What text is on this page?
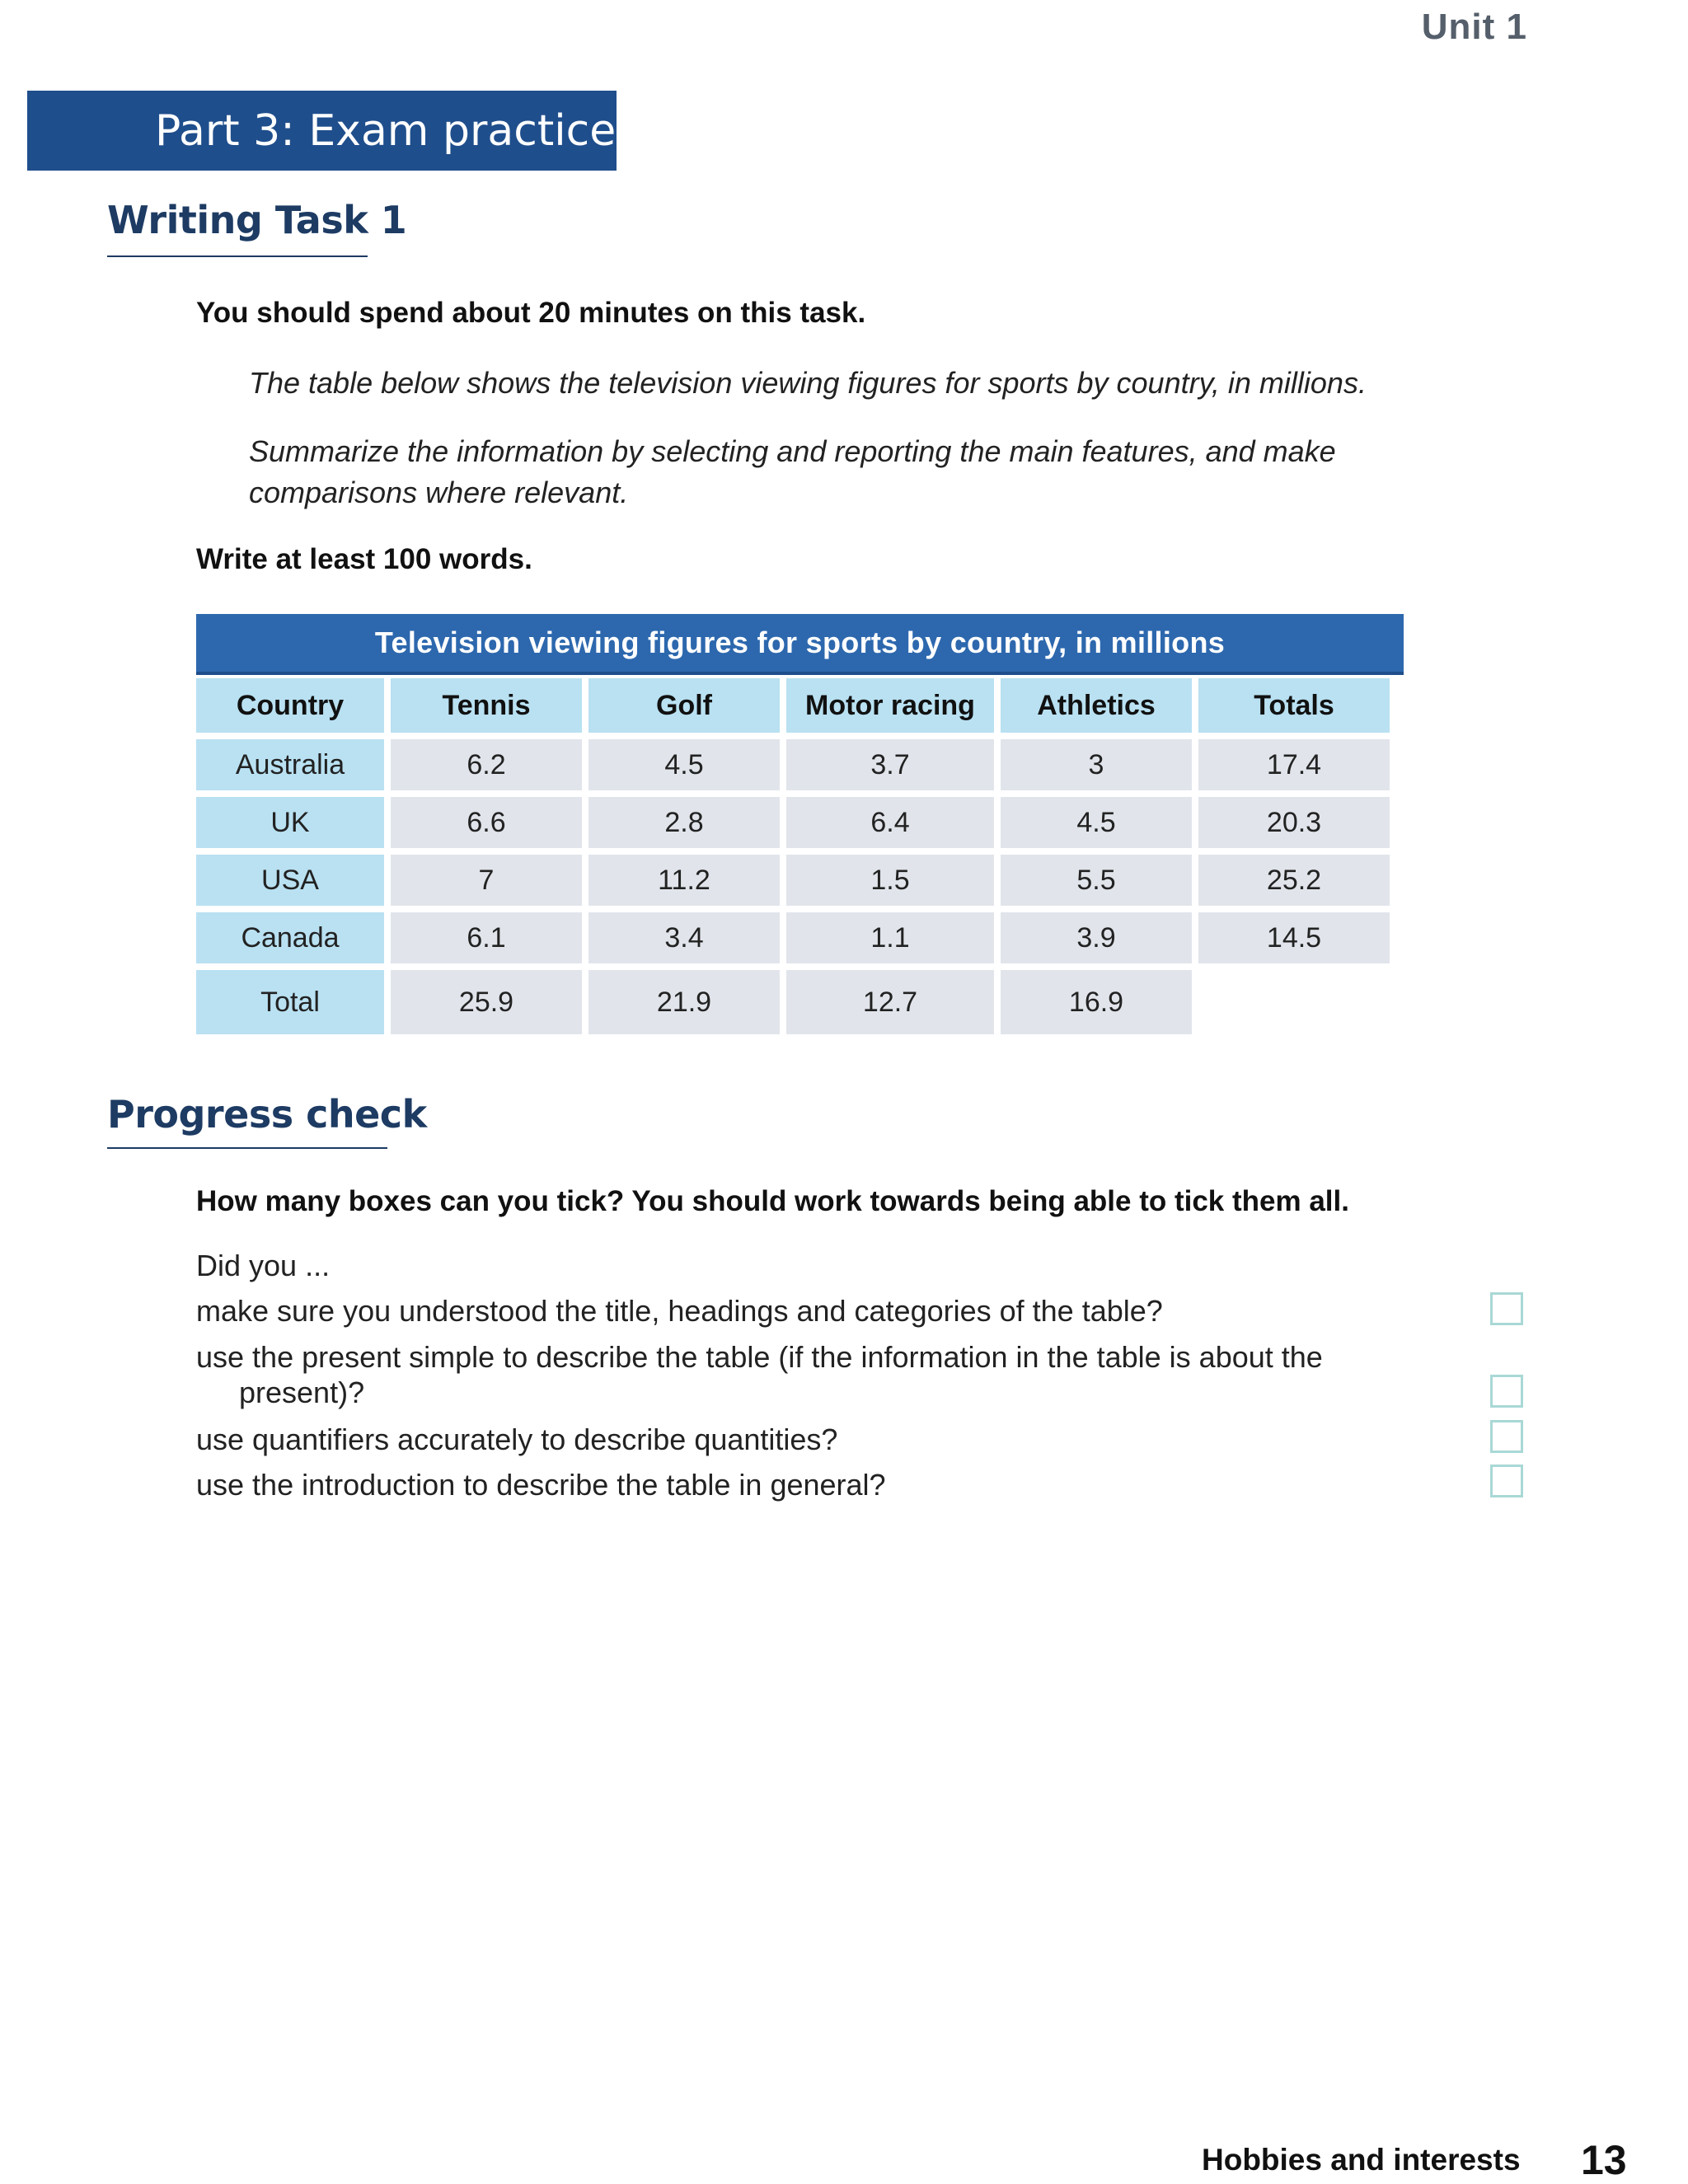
Unit 1
Part 3: Exam practice
Writing Task 1
You should spend about 20 minutes on this task.
The table below shows the television viewing figures for sports by country, in millions.
Summarize the information by selecting and reporting the main features, and make
comparisons where relevant.
Write at least 100 words.
Television viewing figures for sports by country, in millions
Country	Tennis	Golf	Motor racing	Athletics	Totals
Australia	6.2	4.5	3.7	3	17.4
UK	6.6	2.8	6.4	4.5	20.3
USA	7	11.2	1.5	5.5	25.2
Canada	6.1	3.4	1.1	3.9	14.5
Total	25.9	21.9	12.7	16.9
Progress check
How many boxes can you tick? You should work towards being able to tick them all.
Did you ...
make sure you understood the title, headings and categories of the table?
use the present simple to describe the table (if the information in the table is about the
present)?
use quantifiers accurately to describe quantities?
use the introduction to describe the table in general?
Hobbies and interests 13
